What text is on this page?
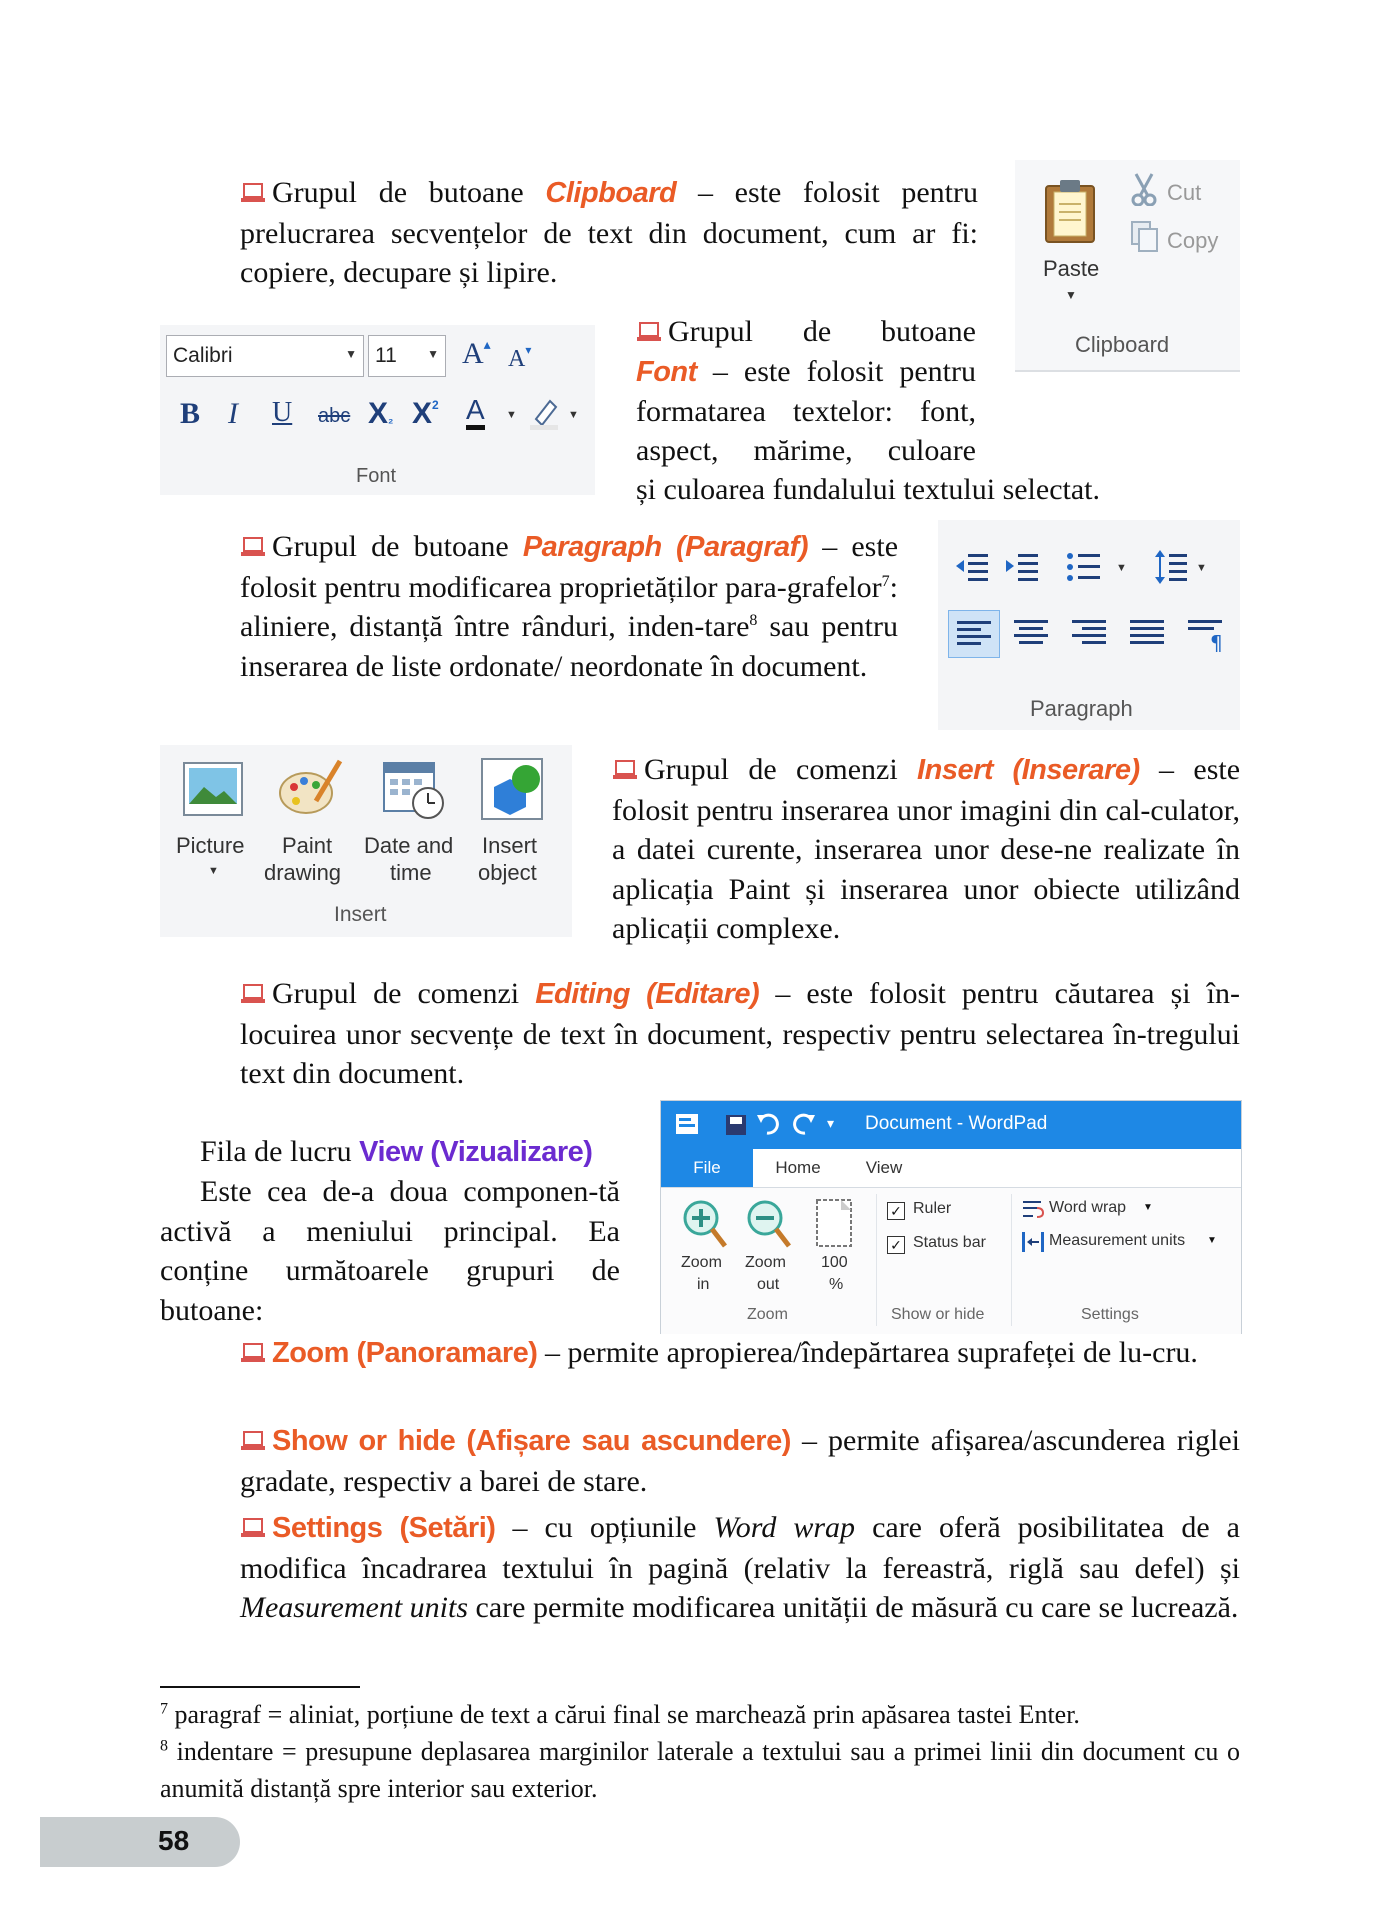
Grupul de butoane Clipboard – este folosit pentru prelucrarea secvențelor de text din document, cum ar fi: copiere, decupare și lipire.	Paste
▼
Cut
Copy
Clipboard
Calibri	▼ 11	▼ A▴
A▾
B I U abc X₂ $X^2$ A ▼	▼
Font
Grupul de butoane
Font – este folosit pentru
formatarea textelor: font,
aspect, mărime, culoare
și culoarea fundalului textului selectat.
Grupul de butoane Paragraph (Paragraf) – este folosit pentru modificarea proprietăților para-grafelor$^7$: aliniere, distanță între rânduri, inden-tare$^8$ sau pentru inserarea de liste ordonate/ neordonate în document.
▼	▼
¶
Paragraph
Picture
▼
Paint
drawing
Date and
time
Insert
object
Insert
Grupul de comenzi Insert (Inserare) – este folosit pentru inserarea unor imagini din cal-culator, a datei curente, inserarea unor dese-ne realizate în aplicația Paint și inserarea unor obiecte utilizând aplicații complexe.
Grupul de comenzi Editing (Editare) – este folosit pentru căutarea și în-locuirea unor secvențe de text în document, respectiv pentru selectarea în-tregului text din document.
Fila de lucru View (Vizualizare)
Este cea de-a doua componen-tă activă a meniului principal. Ea conține următoarele grupuri de butoane:
▾ Document - WordPad
File	Home	View
Zoom
in
Zoom
out
100
%
✓ Ruler
✓ Status bar
Word wrap ▼
Measurement units ▼
Zoom	Show or hide	Settings
Zoom (Panoramare) – permite apropierea/îndepărtarea suprafeței de lu-cru.
Show or hide (Afișare sau ascundere) – permite afișarea/ascunderea riglei gradate, respectiv a barei de stare.
Settings (Setări) – cu opțiunile Word wrap care oferă posibilitatea de a modifica încadrarea textului în pagină (relativ la fereastră, riglă sau defel) și Measurement units care permite modificarea unității de măsură cu care se lucrează.
$^7$ paragraf = aliniat, porțiune de text a cărui final se marchează prin apăsarea tastei Enter.
$^8$ indentare = presupune deplasarea marginilor laterale a textului sau a primei linii din document cu o anumită distanță spre interior sau exterior.
58
